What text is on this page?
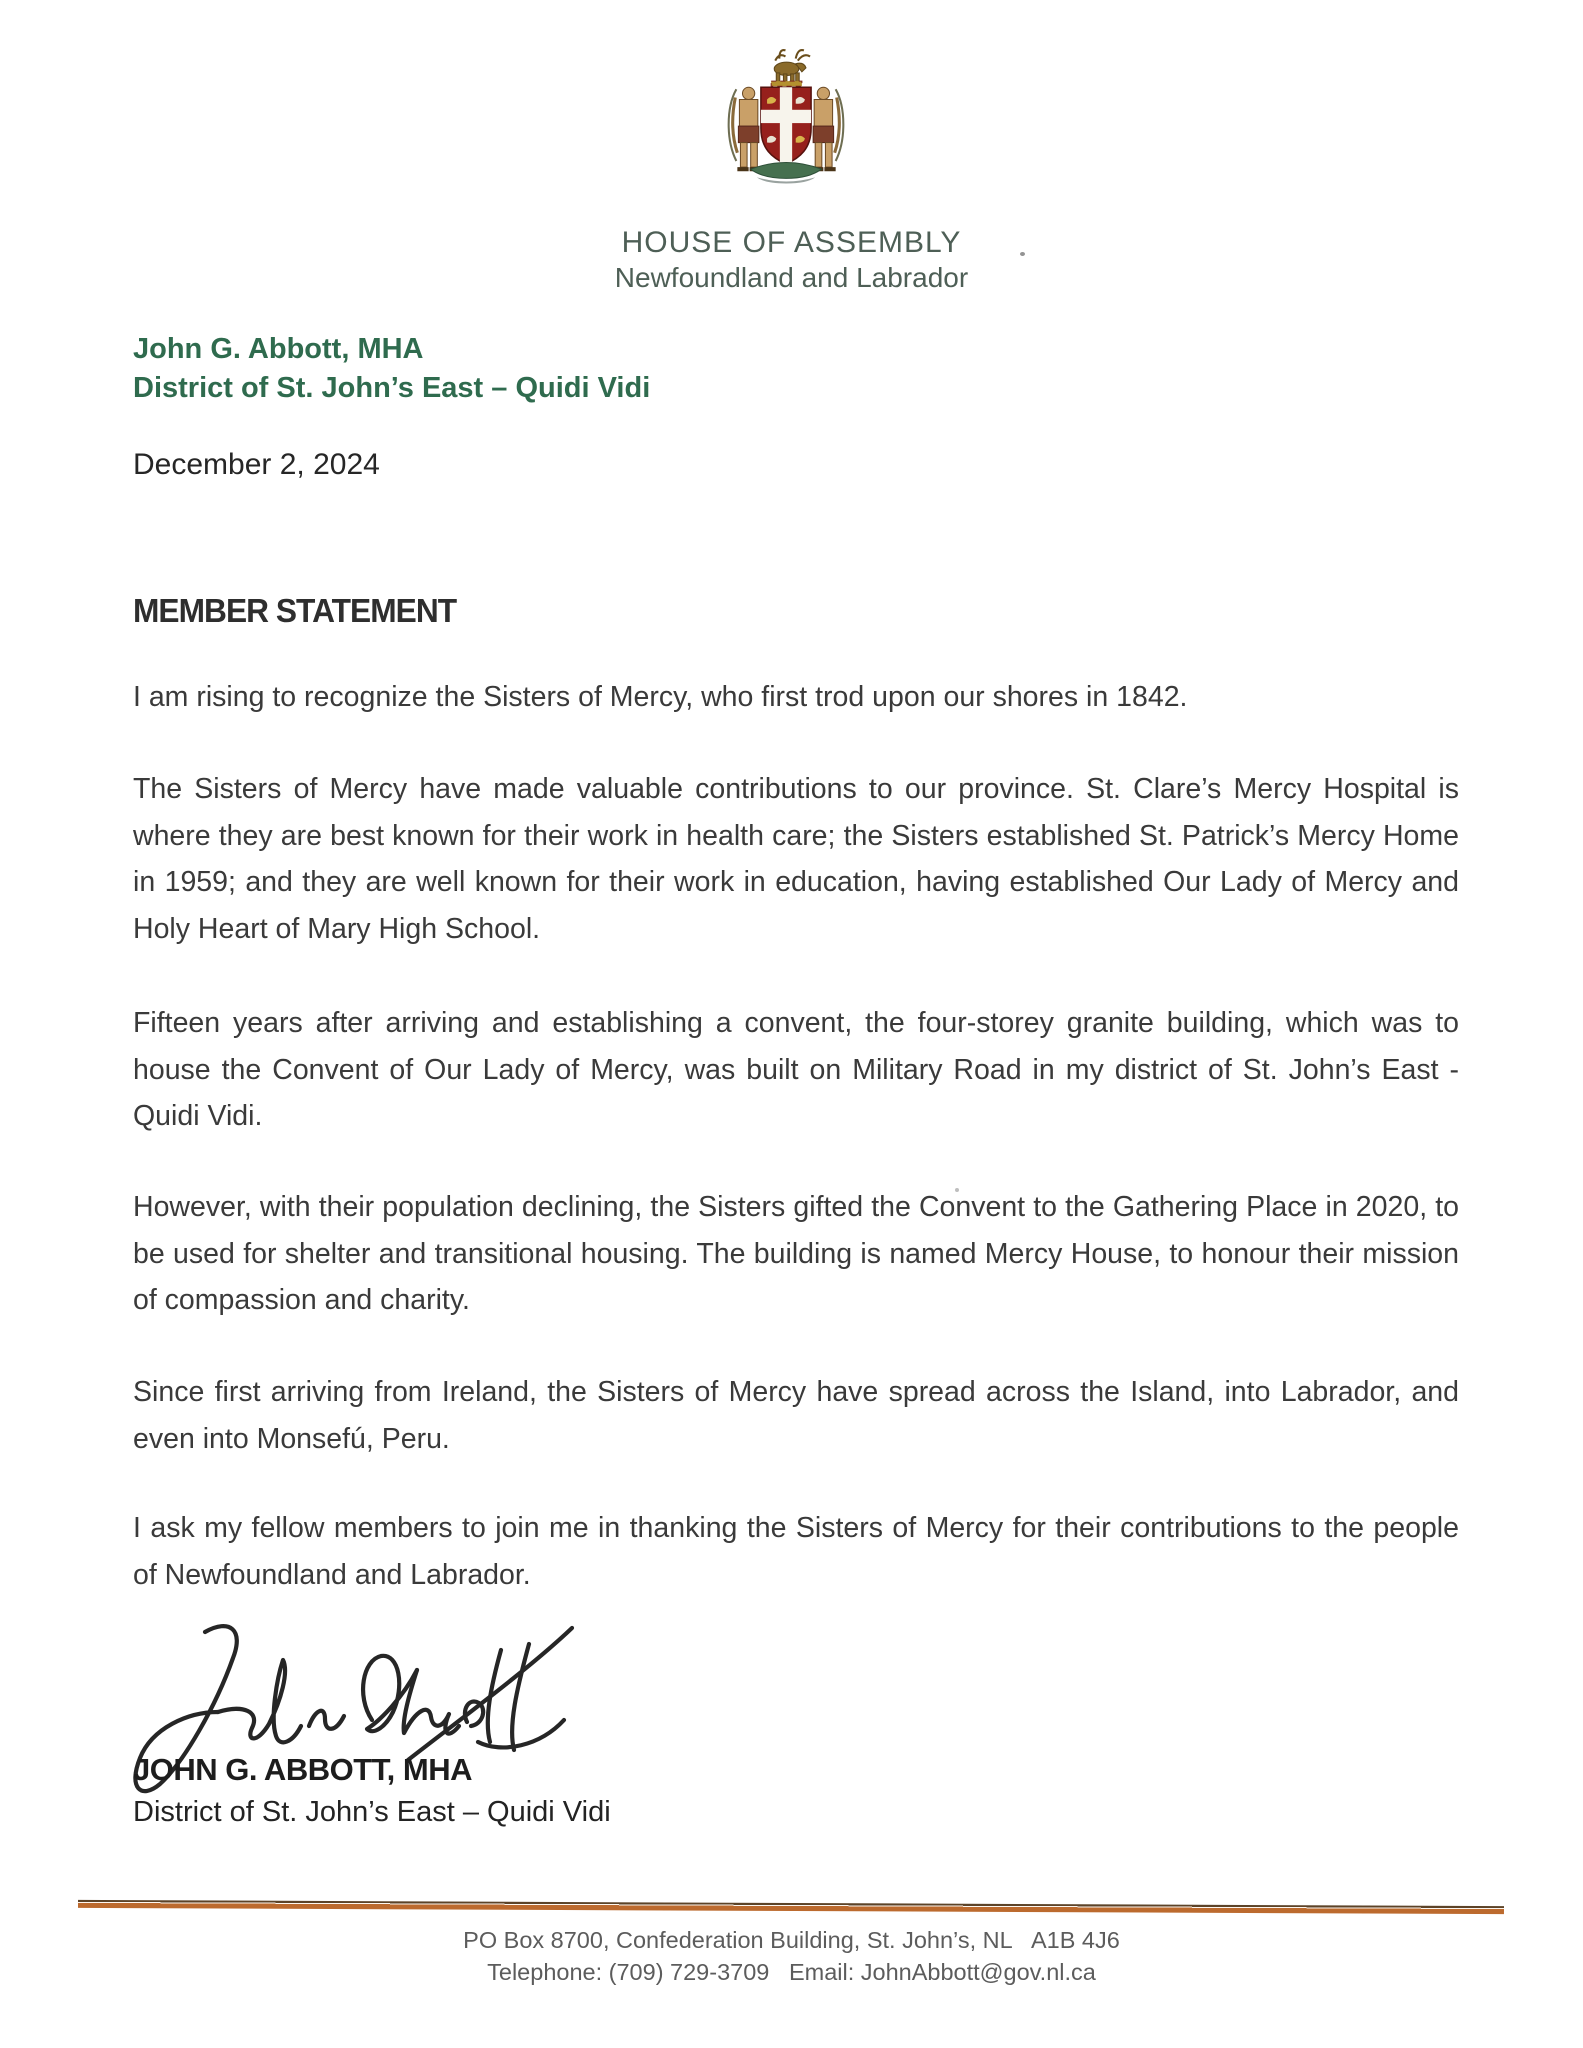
HOUSE OF ASSEMBLY
Newfoundland and Labrador
John G. Abbott, MHA
District of St. John’s East – Quidi Vidi
December 2, 2024
MEMBER STATEMENT

I am rising to recognize the Sisters of Mercy, who first trod upon our shores in 1842.

The Sisters of Mercy have made valuable contributions to our province. St. Clare’s Mercy Hospital is where they are best known for their work in health care; the Sisters established St. Patrick’s Mercy Home in 1959; and they are well known for their work in education, having established Our Lady of Mercy and Holy Heart of Mary High School.

Fifteen years after arriving and establishing a convent, the four-storey granite building, which was to house the Convent of Our Lady of Mercy, was built on Military Road in my district of St. John’s East - Quidi Vidi.

However, with their population declining, the Sisters gifted the Convent to the Gathering Place in 2020, to be used for shelter and transitional housing. The building is named Mercy House, to honour their mission of compassion and charity.

Since first arriving from Ireland, the Sisters of Mercy have spread across the Island, into Labrador, and even into Monsefú, Peru.

I ask my fellow members to join me in thanking the Sisters of Mercy for their contributions to the people of Newfoundland and Labrador.

JOHN G. ABBOTT, MHA
District of St. John’s East – Quidi Vidi
PO Box 8700, Confederation Building, St. John’s, NL   A1B 4J6
Telephone: (709) 729-3709   Email: JohnAbbott@gov.nl.ca
